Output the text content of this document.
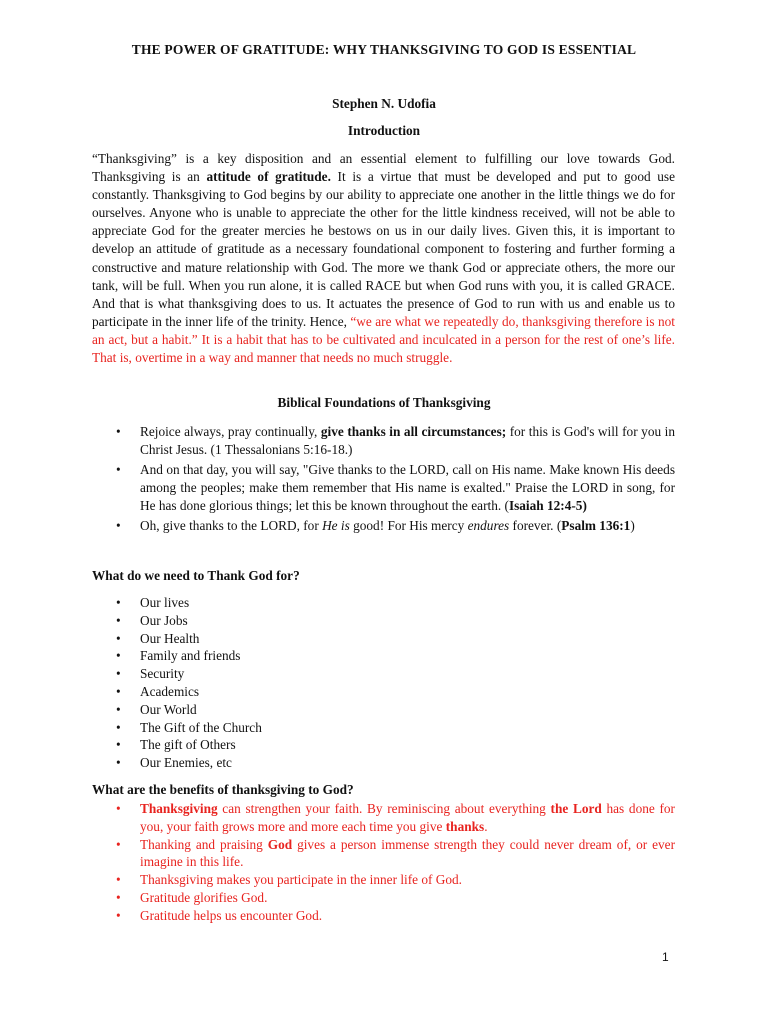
THE POWER OF GRATITUDE: WHY THANKSGIVING TO GOD IS ESSENTIAL
Stephen N. Udofia
Introduction

“Thanksgiving” is a key disposition and an essential element to fulfilling our love towards God. Thanksgiving is an attitude of gratitude. It is a virtue that must be developed and put to good use constantly. Thanksgiving to God begins by our ability to appreciate one another in the little things we do for ourselves. Anyone who is unable to appreciate the other for the little kindness received, will not be able to appreciate God for the greater mercies he bestows on us in our daily lives. Given this, it is important to develop an attitude of gratitude as a necessary foundational component to fostering and further forming a constructive and mature relationship with God. The more we thank God or appreciate others, the more our tank, will be full. When you run alone, it is called RACE but when God runs with you, it is called GRACE. And that is what thanksgiving does to us. It actuates the presence of God to run with us and enable us to participate in the inner life of the trinity. Hence, “we are what we repeatedly do, thanksgiving therefore is not an act, but a habit.” It is a habit that has to be cultivated and inculcated in a person for the rest of one’s life. That is, overtime in a way and manner that needs no much struggle.

Biblical Foundations of Thanksgiving
• Rejoice always, pray continually, give thanks in all circumstances; for this is God's will for you in Christ Jesus. (1 Thessalonians 5:16-18.)
• And on that day, you will say, "Give thanks to the LORD, call on His name. Make known His deeds among the peoples; make them remember that His name is exalted." Praise the LORD in song, for He has done glorious things; let this be known throughout the earth. (Isaiah 12:4-5)
• Oh, give thanks to the LORD, for He is good! For His mercy endures forever. (Psalm 136:1)
What do we need to Thank God for?
• Our lives
• Our Jobs
• Our Health
• Family and friends
• Security
• Academics
• Our World
• The Gift of the Church
• The gift of Others
• Our Enemies, etc
What are the benefits of thanksgiving to God?
• Thanksgiving can strengthen your faith. By reminiscing about everything the Lord has done for you, your faith grows more and more each time you give thanks.
• Thanking and praising God gives a person immense strength they could never dream of, or ever imagine in this life.
• Thanksgiving makes you participate in the inner life of God.
• Gratitude glorifies God.
• Gratitude helps us encounter God.
1
